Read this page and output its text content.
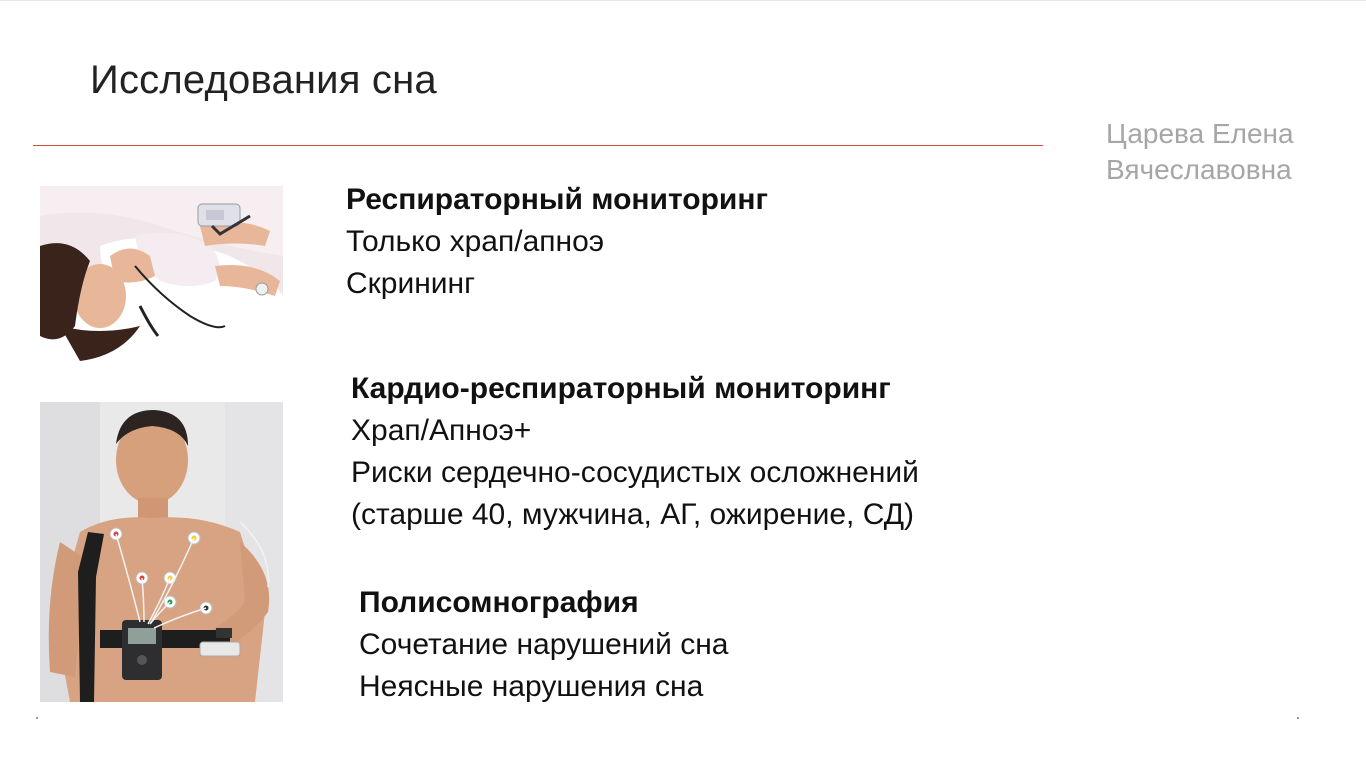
Исследования сна
Царева Елена
Вячеславовна
Респираторный мониторинг
Только храп/апноэ
Скрининг
Кардио-респираторный мониторинг
Храп/Апноэ+
Риски сердечно-сосудистых осложнений
(старше 40, мужчина, АГ, ожирение, СД)
Полисомнография
Сочетание нарушений сна
Неясные нарушения сна
